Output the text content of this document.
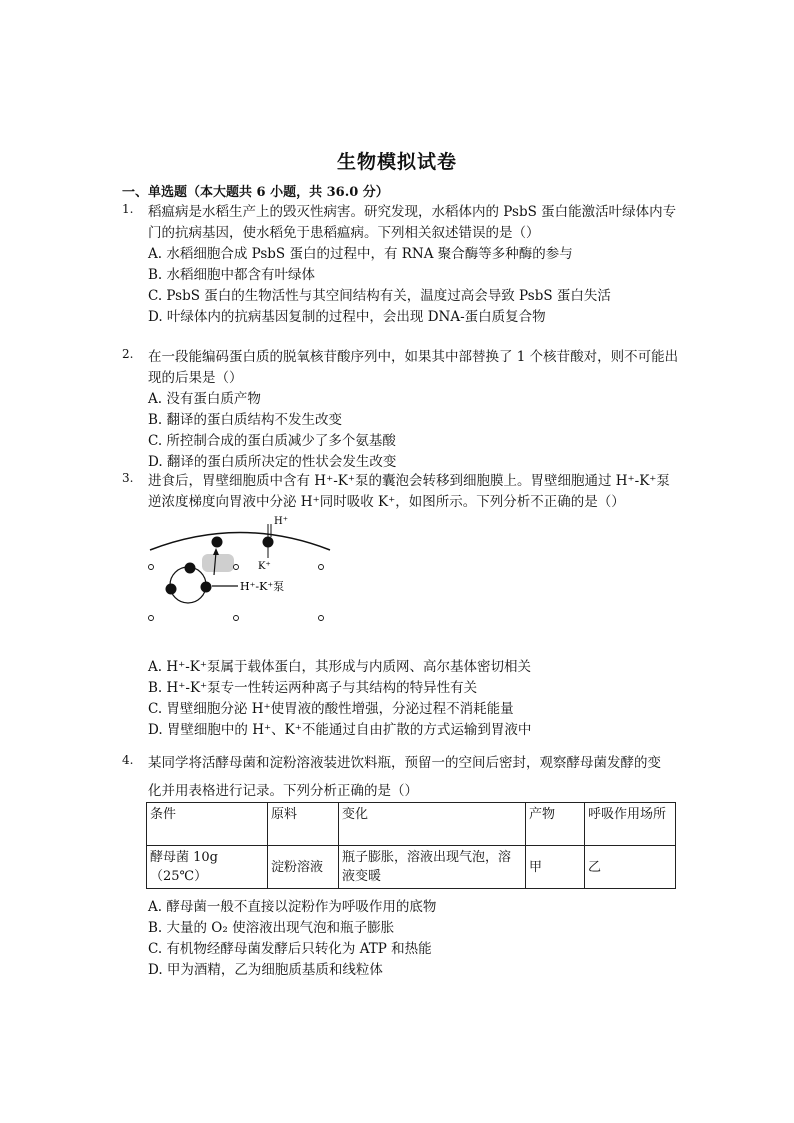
生物模拟试卷
一、单选题（本大题共 6 小题，共 36.0 分）
1.	稻瘟病是水稻生产上的毁灭性病害。研究发现，水稻体内的 PsbS 蛋白能激活叶绿体内专门的抗病基因，使水稻免于患稻瘟病。下列相关叙述错误的是（）
A. 水稻细胞合成 PsbS 蛋白的过程中，有 RNA 聚合酶等多种酶的参与
B. 水稻细胞中都含有叶绿体
C. PsbS 蛋白的生物活性与其空间结构有关，温度过高会导致 PsbS 蛋白失活
D. 叶绿体内的抗病基因复制的过程中，会出现 DNA-蛋白质复合物
2.	在一段能编码蛋白质的脱氧核苷酸序列中，如果其中部替换了 1 个核苷酸对，则不可能出现的后果是（）
A. 没有蛋白质产物
B. 翻译的蛋白质结构不发生改变
C. 所控制合成的蛋白质减少了多个氨基酸
D. 翻译的蛋白质所决定的性状会发生改变
3.	进食后，胃壁细胞质中含有 H⁺-K⁺泵的囊泡会转移到细胞膜上。胃壁细胞通过 H⁺-K⁺泵逆浓度梯度向胃液中分泌 H⁺同时吸收 K⁺，如图所示。下列分析不正确的是（）
H⁺
K⁺
H⁺-K⁺泵
A. H⁺-K⁺泵属于载体蛋白，其形成与内质网、高尔基体密切相关
B. H⁺-K⁺泵专一性转运两种离子与其结构的特异性有关
C. 胃壁细胞分泌 H⁺使胃液的酸性增强，分泌过程不消耗能量
D. 胃壁细胞中的 H⁺、K⁺不能通过自由扩散的方式运输到胃液中
4.	某同学将活酵母菌和淀粉溶液装进饮料瓶，预留一的空间后密封，观察酵母菌发酵的变
化并用表格进行记录。下列分析正确的是（）
条件	原料	变化	产物	呼吸作用场所
酵母菌 10g（25℃）	淀粉溶液	瓶子膨胀，溶液出现气泡，溶液变暖	甲	乙
A. 酵母菌一般不直接以淀粉作为呼吸作用的底物
B. 大量的 O₂ 使溶液出现气泡和瓶子膨胀
C. 有机物经酵母菌发酵后只转化为 ATP 和热能
D. 甲为酒精，乙为细胞质基质和线粒体
